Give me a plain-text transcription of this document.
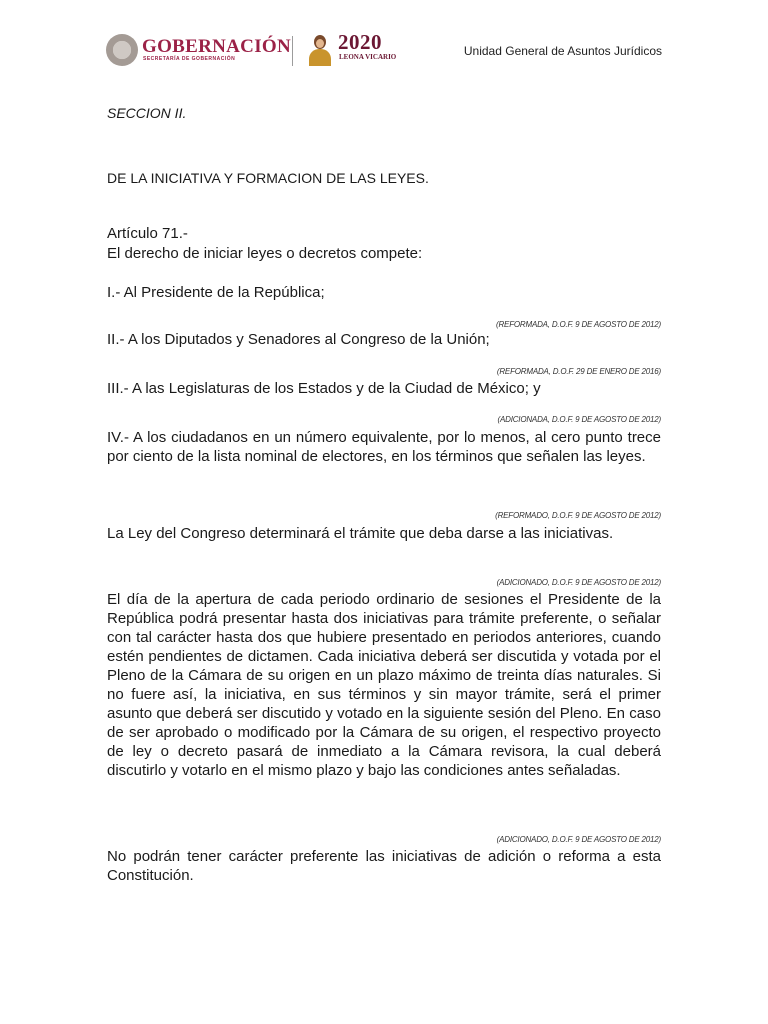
GOBERNACIÓN
SECRETARÍA DE GOBERNACIÓN
2020
LEONA VICARIO	Unidad General de Asuntos Jurídicos

SECCION II.

DE LA INICIATIVA Y FORMACION DE LAS LEYES.

Artículo 71.-

El derecho de iniciar leyes o decretos compete:

I.- Al Presidente de la República;

(REFORMADA, D.O.F. 9 DE AGOSTO DE 2012)

II.- A los Diputados y Senadores al Congreso de la Unión;

(REFORMADA, D.O.F. 29 DE ENERO DE 2016)

III.- A las Legislaturas de los Estados y de la Ciudad de México; y

(ADICIONADA, D.O.F. 9 DE AGOSTO DE 2012)

IV.- A los ciudadanos en un número equivalente, por lo menos, al cero punto trece por ciento de la lista nominal de electores, en los términos que señalen las leyes.

(REFORMADO, D.O.F. 9 DE AGOSTO DE 2012)

La Ley del Congreso determinará el trámite que deba darse a las iniciativas.

(ADICIONADO, D.O.F. 9 DE AGOSTO DE 2012)

El día de la apertura de cada periodo ordinario de sesiones el Presidente de la República podrá presentar hasta dos iniciativas para trámite preferente, o señalar con tal carácter hasta dos que hubiere presentado en periodos anteriores, cuando estén pendientes de dictamen. Cada iniciativa deberá ser discutida y votada por el Pleno de la Cámara de su origen en un plazo máximo de treinta días naturales. Si no fuere así, la iniciativa, en sus términos y sin mayor trámite, será el primer asunto que deberá ser discutido y votado en la siguiente sesión del Pleno. En caso de ser aprobado o modificado por la Cámara de su origen, el respectivo proyecto de ley o decreto pasará de inmediato a la Cámara revisora, la cual deberá discutirlo y votarlo en el mismo plazo y bajo las condiciones antes señaladas.

(ADICIONADO, D.O.F. 9 DE AGOSTO DE 2012)

No podrán tener carácter preferente las iniciativas de adición o reforma a esta Constitución.
